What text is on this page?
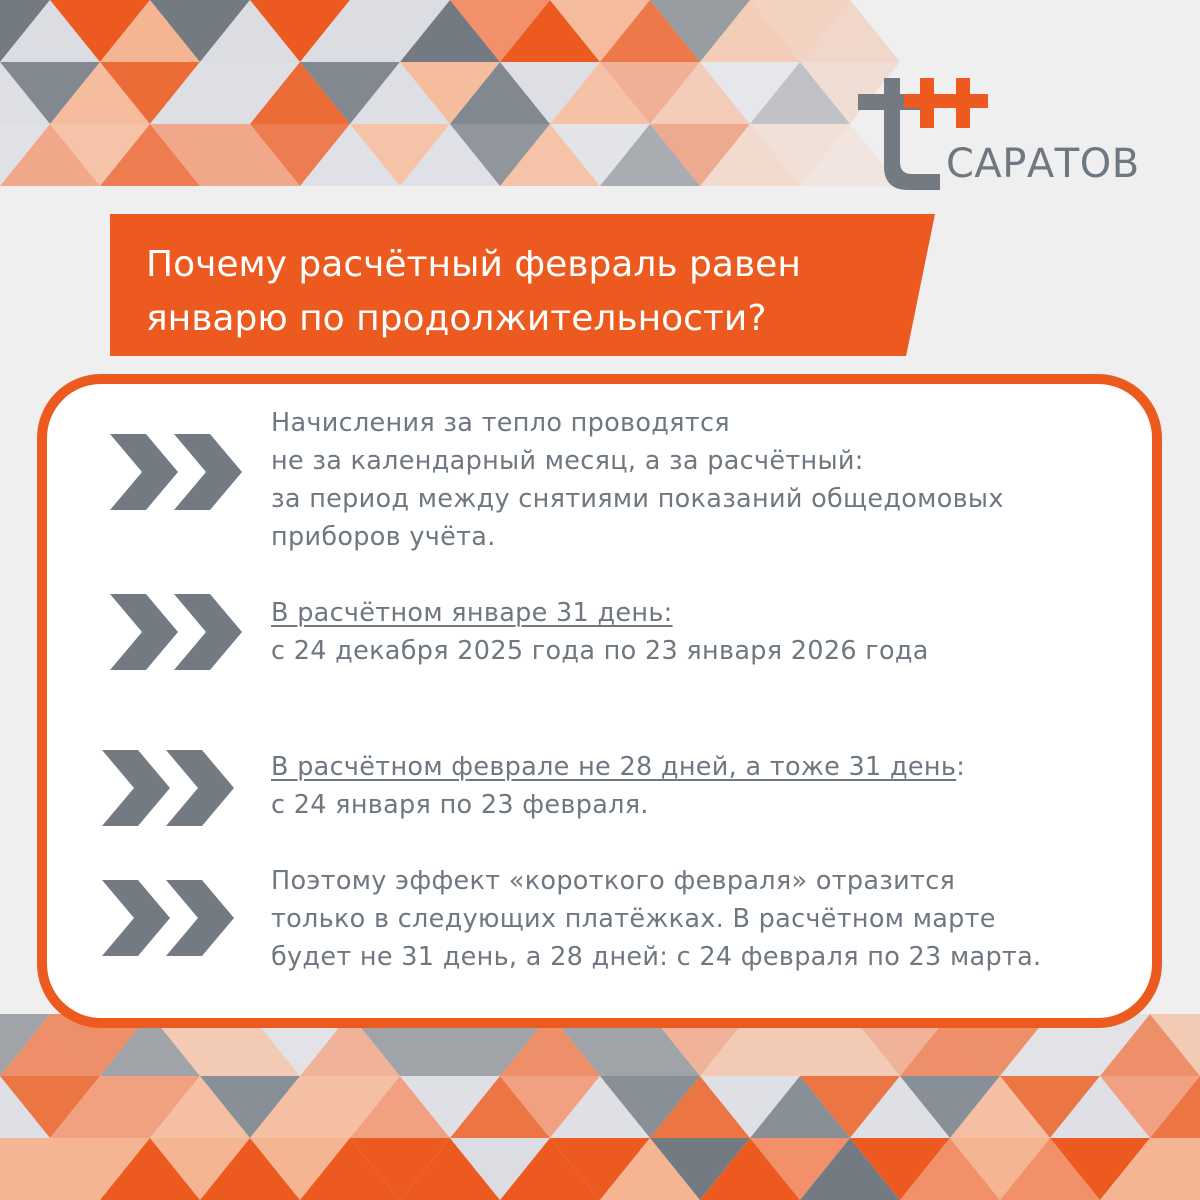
САРАТОВ
Почему расчётный февраль равен
январю по продолжительности?
Начисления за тепло проводятся
не за календарный месяц, а за расчётный:
за период между снятиями показаний общедомовых
приборов учёта.
В расчётном январе 31 день:
с 24 декабря 2025 года по 23 января 2026 года
В расчётном феврале не 28 дней, а тоже 31 день:
с 24 января по 23 февраля.
Поэтому эффект «короткого февраля» отразится
только в следующих платёжках. В расчётном марте
будет не 31 день, а 28 дней: с 24 февраля по 23 марта.
